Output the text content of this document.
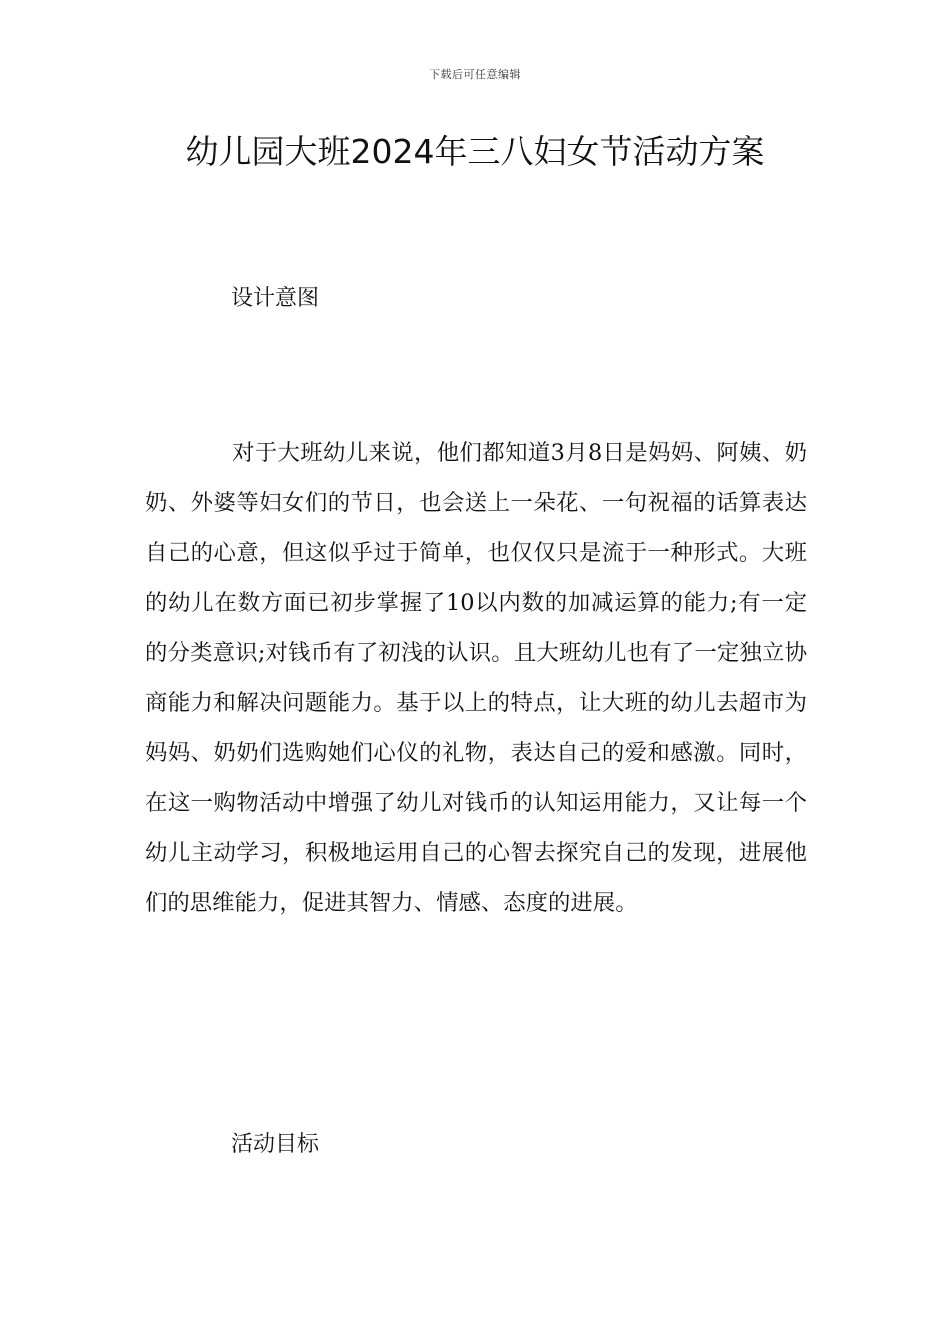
下载后可任意编辑
幼儿园大班2024年三八妇女节活动方案
设计意图

对于大班幼儿来说，他们都知道3月8日是妈妈、阿姨、奶奶、外婆等妇女们的节日，也会送上一朵花、一句祝福的话算表达自己的心意，但这似乎过于简单，也仅仅只是流于一种形式。大班的幼儿在数方面已初步掌握了10以内数的加减运算的能力;有一定的分类意识;对钱币有了初浅的认识。且大班幼儿也有了一定独立协商能力和解决问题能力。基于以上的特点，让大班的幼儿去超市为妈妈、奶奶们选购她们心仪的礼物，表达自己的爱和感激。同时，在这一购物活动中增强了幼儿对钱币的认知运用能力，又让每一个幼儿主动学习，积极地运用自己的心智去探究自己的发现，进展他们的思维能力，促进其智力、情感、态度的进展。

活动目标
